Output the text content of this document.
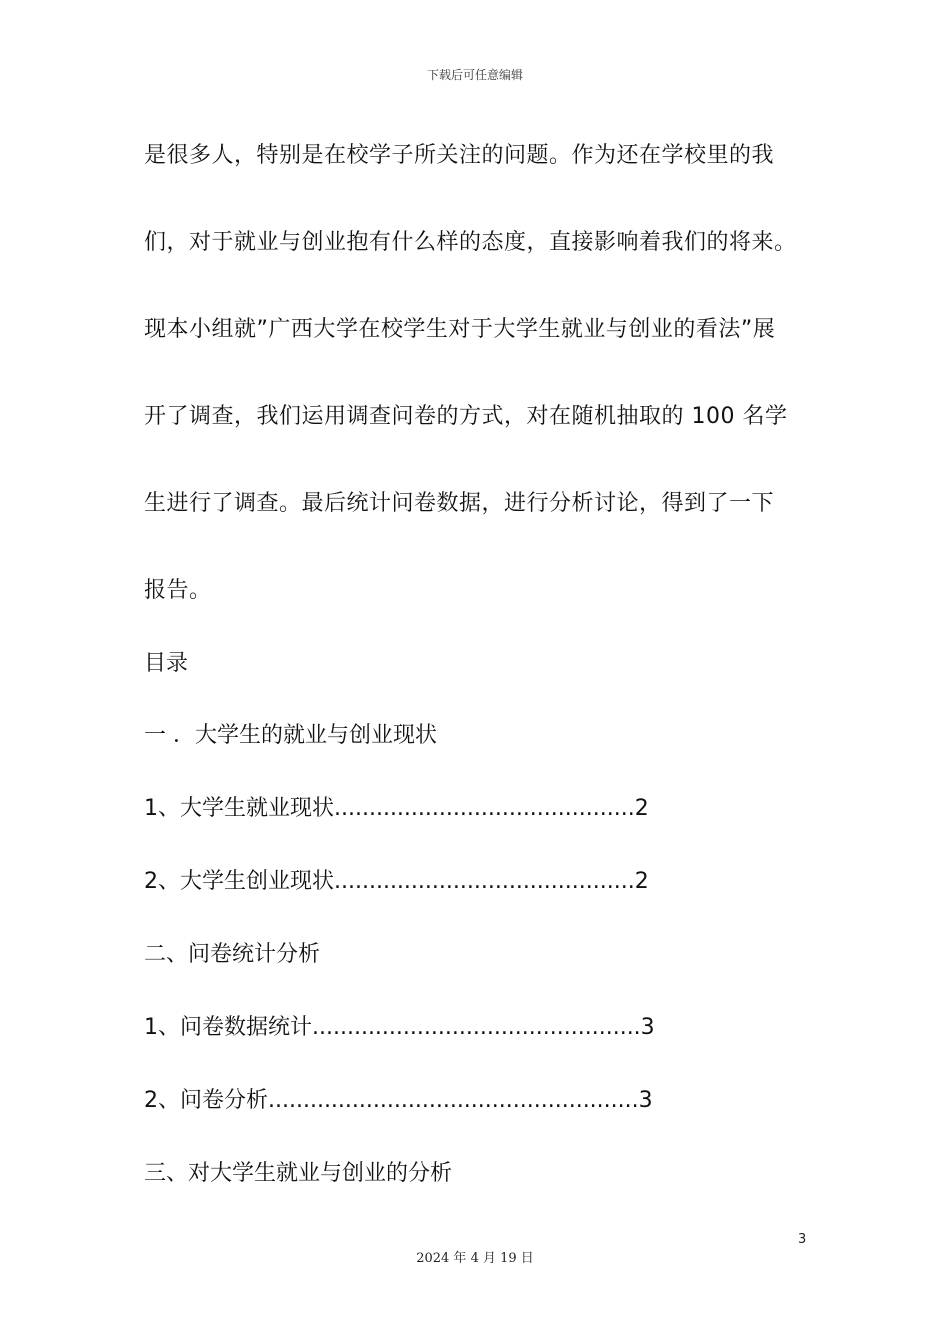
下载后可任意编辑
是很多人，特别是在校学子所关注的问题。作为还在学校里的我
们，对于就业与创业抱有什么样的态度，直接影响着我们的将来。
现本小组就”广西大学在校学生对于大学生就业与创业的看法”展
开了调查，我们运用调查问卷的方式，对在随机抽取的 100 名学
生进行了调查。最后统计问卷数据，进行分析讨论，得到了一下
报告。
目录
一 ．大学生的就业与创业现状
1、大学生就业现状...........................................2
2、大学生创业现状...........................................2
二、问卷统计分析
1、问卷数据统计...............................................3
2、问卷分析.....................................................3
三、对大学生就业与创业的分析
3
2024 年 4 月 19 日
